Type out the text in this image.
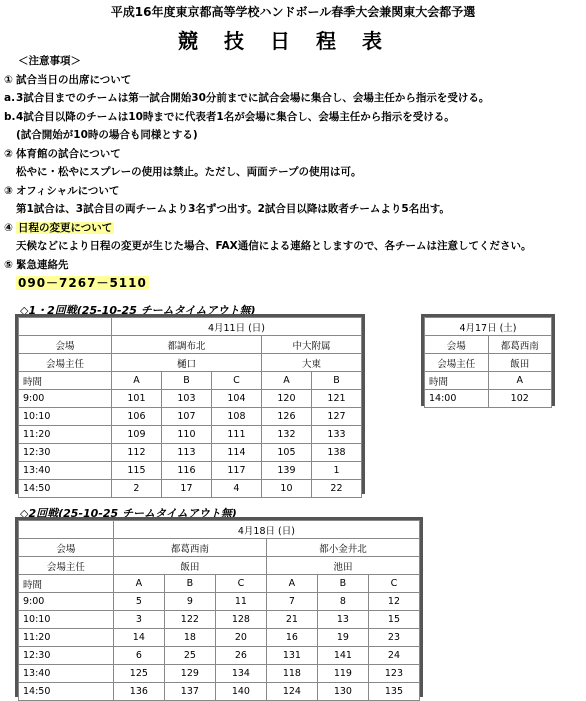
平成16年度東京都高等学校ハンドボール春季大会兼関東大会都予選
競技日程表
＜注意事項＞
① 試合当日の出席について
a.3試合目までのチームは第一試合開始30分前までに試合会場に集合し、会場主任から指示を受ける。
b.4試合目以降のチームは10時までに代表者1名が会場に集合し、会場主任から指示を受ける。
(試合開始が10時の場合も同様とする)
② 体育館の試合について
松やに・松やにスプレーの使用は禁止。ただし、両面テープの使用は可。
③ オフィシャルについて
第1試合は、3試合目の両チームより3名ずつ出す。2試合目以降は敗者チームより5名出す。
④ 日程の変更について
天候などにより日程の変更が生じた場合、FAX通信による連絡としますので、各チームは注意してください。
⑤ 緊急連絡先
090－7267－5110
◇1・2回戦(25-10-25 チームタイムアウト無)
	4月11日 (日)				
会場	都調布北			中大附属	
会場主任	樋口			大東	
時間	A	B	C	A	B
9:00	101	103	104	120	121
10:10	106	107	108	126	127
11:20	109	110	111	132	133
12:30	112	113	114	105	138
13:40	115	116	117	139	1
14:50	2	17	4	10	22
4月17日 (土)	
会場	都葛西南
会場主任	飯田
時間	A
14:00	102
◇2回戦(25-10-25 チームタイムアウト無)
	4月18日 (日)					
会場	都葛西南			都小金井北		
会場主任	飯田			池田		
時間	A	B	C	A	B	C
9:00	5	9	11	7	8	12
10:10	3	122	128	21	13	15
11:20	14	18	20	16	19	23
12:30	6	25	26	131	141	24
13:40	125	129	134	118	119	123
14:50	136	137	140	124	130	135
